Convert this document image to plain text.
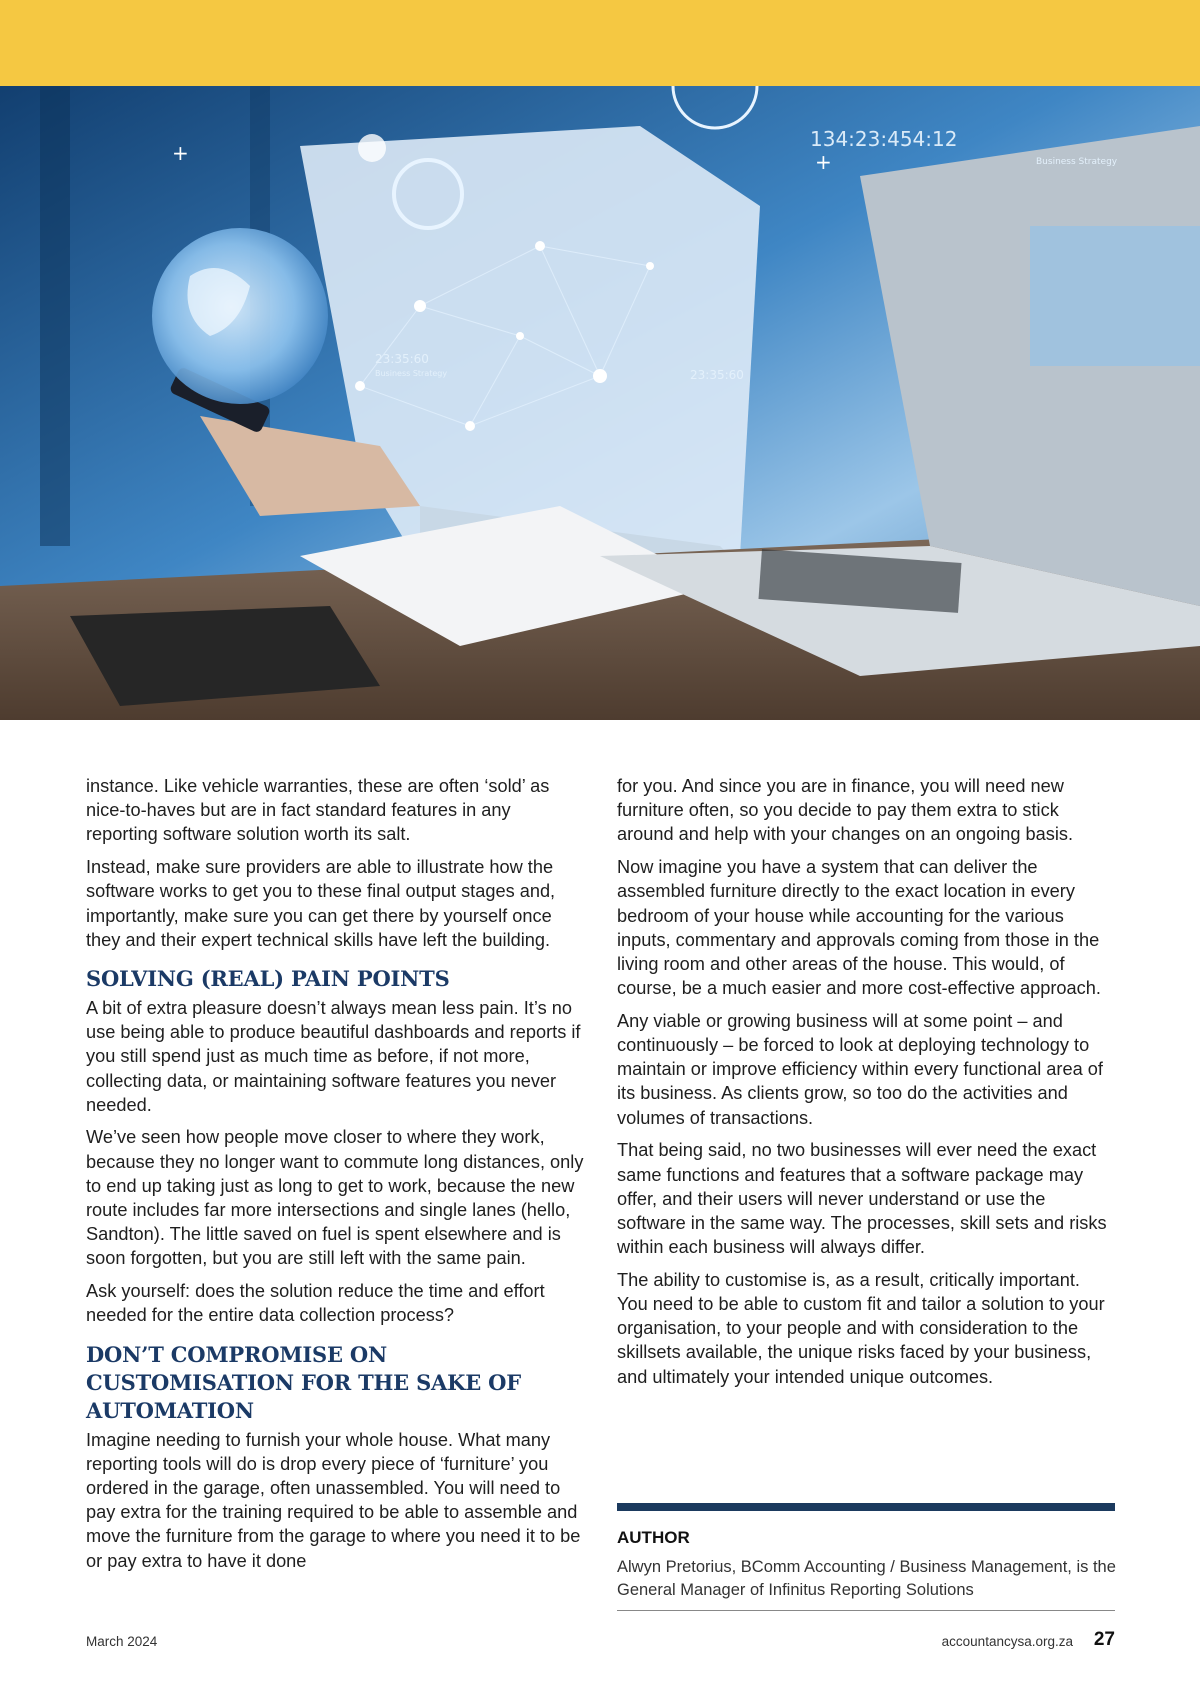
134:23:454:12
23:35:60
23:35:60
Business Strategy
Business Strategy
+	+

instance. Like vehicle warranties, these are often ‘sold’ as nice-to-haves but are in fact standard features in any reporting software solution worth its salt.

Instead, make sure providers are able to illustrate how the software works to get you to these final output stages and, importantly, make sure you can get there by yourself once they and their expert technical skills have left the building.

SOLVING (REAL) PAIN POINTS

A bit of extra pleasure doesn’t always mean less pain. It’s no use being able to produce beautiful dashboards and reports if you still spend just as much time as before, if not more, collecting data, or maintaining software features you never needed.

We’ve seen how people move closer to where they work, because they no longer want to commute long distances, only to end up taking just as long to get to work, because the new route includes far more intersections and single lanes (hello, Sandton). The little saved on fuel is spent elsewhere and is soon forgotten, but you are still left with the same pain.

Ask yourself: does the solution reduce the time and effort needed for the entire data collection process?

DON’T COMPROMISE ON CUSTOMISATION FOR THE SAKE OF AUTOMATION

Imagine needing to furnish your whole house. What many reporting tools will do is drop every piece of ‘furniture’ you ordered in the garage, often unassembled. You will need to pay extra for the training required to be able to assemble and move the furniture from the garage to where you need it to be or pay extra to have it done

for you. And since you are in finance, you will need new furniture often, so you decide to pay them extra to stick around and help with your changes on an ongoing basis.

Now imagine you have a system that can deliver the assembled furniture directly to the exact location in every bedroom of your house while accounting for the various inputs, commentary and approvals coming from those in the living room and other areas of the house. This would, of course, be a much easier and more cost-effective approach.

Any viable or growing business will at some point – and continuously – be forced to look at deploying technology to maintain or improve efficiency within every functional area of its business. As clients grow, so too do the activities and volumes of transactions.

That being said, no two businesses will ever need the exact same functions and features that a software package may offer, and their users will never understand or use the software in the same way. The processes, skill sets and risks within each business will always differ.

The ability to customise is, as a result, critically important. You need to be able to custom fit and tailor a solution to your organisation, to your people and with consideration to the skillsets available, the unique risks faced by your business, and ultimately your intended unique outcomes.

AUTHOR
Alwyn Pretorius, BComm Accounting / Business Management, is the General Manager of Infinitus Reporting Solutions
March 2024	accountancysa.org.za 27
